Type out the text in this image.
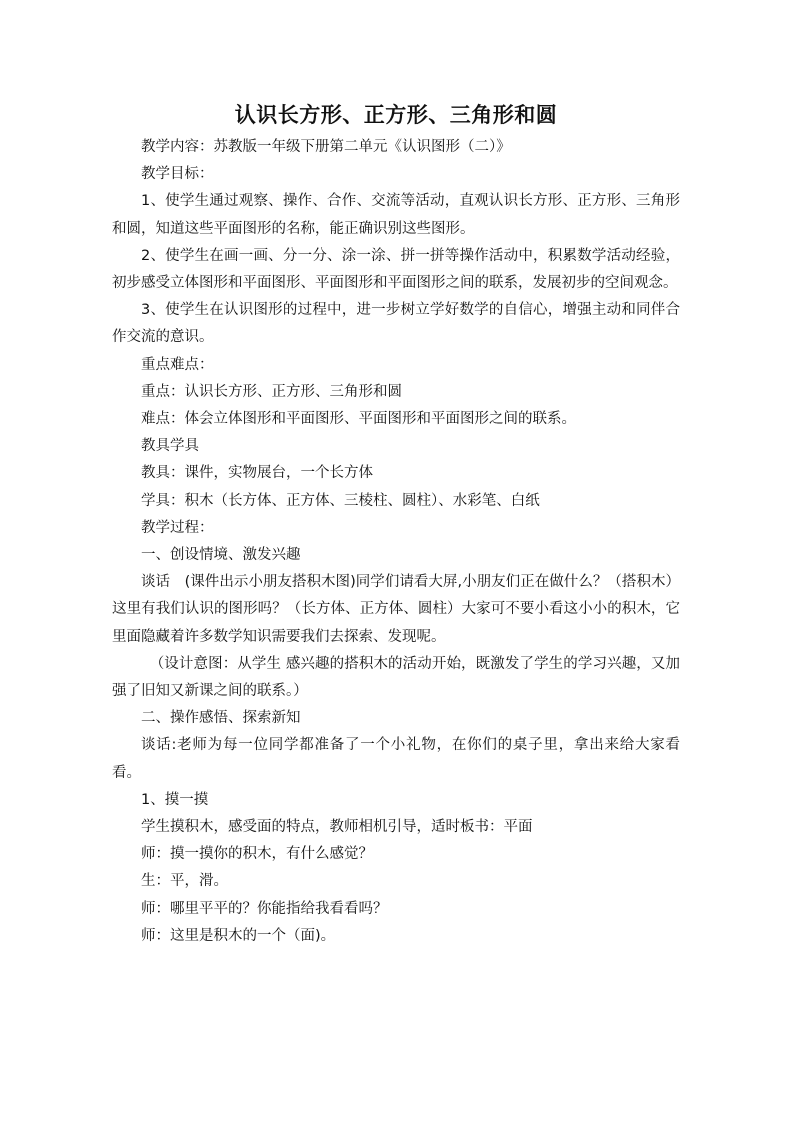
认识长方形、正方形、三角形和圆

教学内容：苏教版一年级下册第二单元《认识图形（二）》

教学目标：

1、使学生通过观察、操作、合作、交流等活动，直观认识长方形、正方形、三角形和圆，知道这些平面图形的名称，能正确识别这些图形。

2、使学生在画一画、分一分、涂一涂、拼一拼等操作活动中，积累数学活动经验，初步感受立体图形和平面图形、平面图形和平面图形之间的联系，发展初步的空间观念。

3、使学生在认识图形的过程中，进一步树立学好数学的自信心，增强主动和同伴合作交流的意识。

重点难点：

重点：认识长方形、正方形、三角形和圆

难点：体会立体图形和平面图形、平面图形和平面图形之间的联系。

教具学具

教具：课件，实物展台，一个长方体

学具：积木（长方体、正方体、三棱柱、圆柱）、水彩笔、白纸

教学过程：

一、创设情境、激发兴趣

谈话　(课件出示小朋友搭积木图)同学们请看大屏,小朋友们正在做什么？（搭积木）这里有我们认识的图形吗？（长方体、正方体、圆柱）大家可不要小看这小小的积木，它里面隐藏着许多数学知识需要我们去探索、发现呢。

（设计意图：从学生 感兴趣的搭积木的活动开始，既激发了学生的学习兴趣，又加强了旧知又新课之间的联系。）

二、操作感悟、探索新知

谈话:老师为每一位同学都准备了一个小礼物，在你们的桌子里，拿出来给大家看看。

1、摸一摸

学生摸积木，感受面的特点，教师相机引导，适时板书：平面

师：摸一摸你的积木，有什么感觉？

生：平，滑。

师：哪里平平的？你能指给我看看吗？

师：这里是积木的一个（面)。
